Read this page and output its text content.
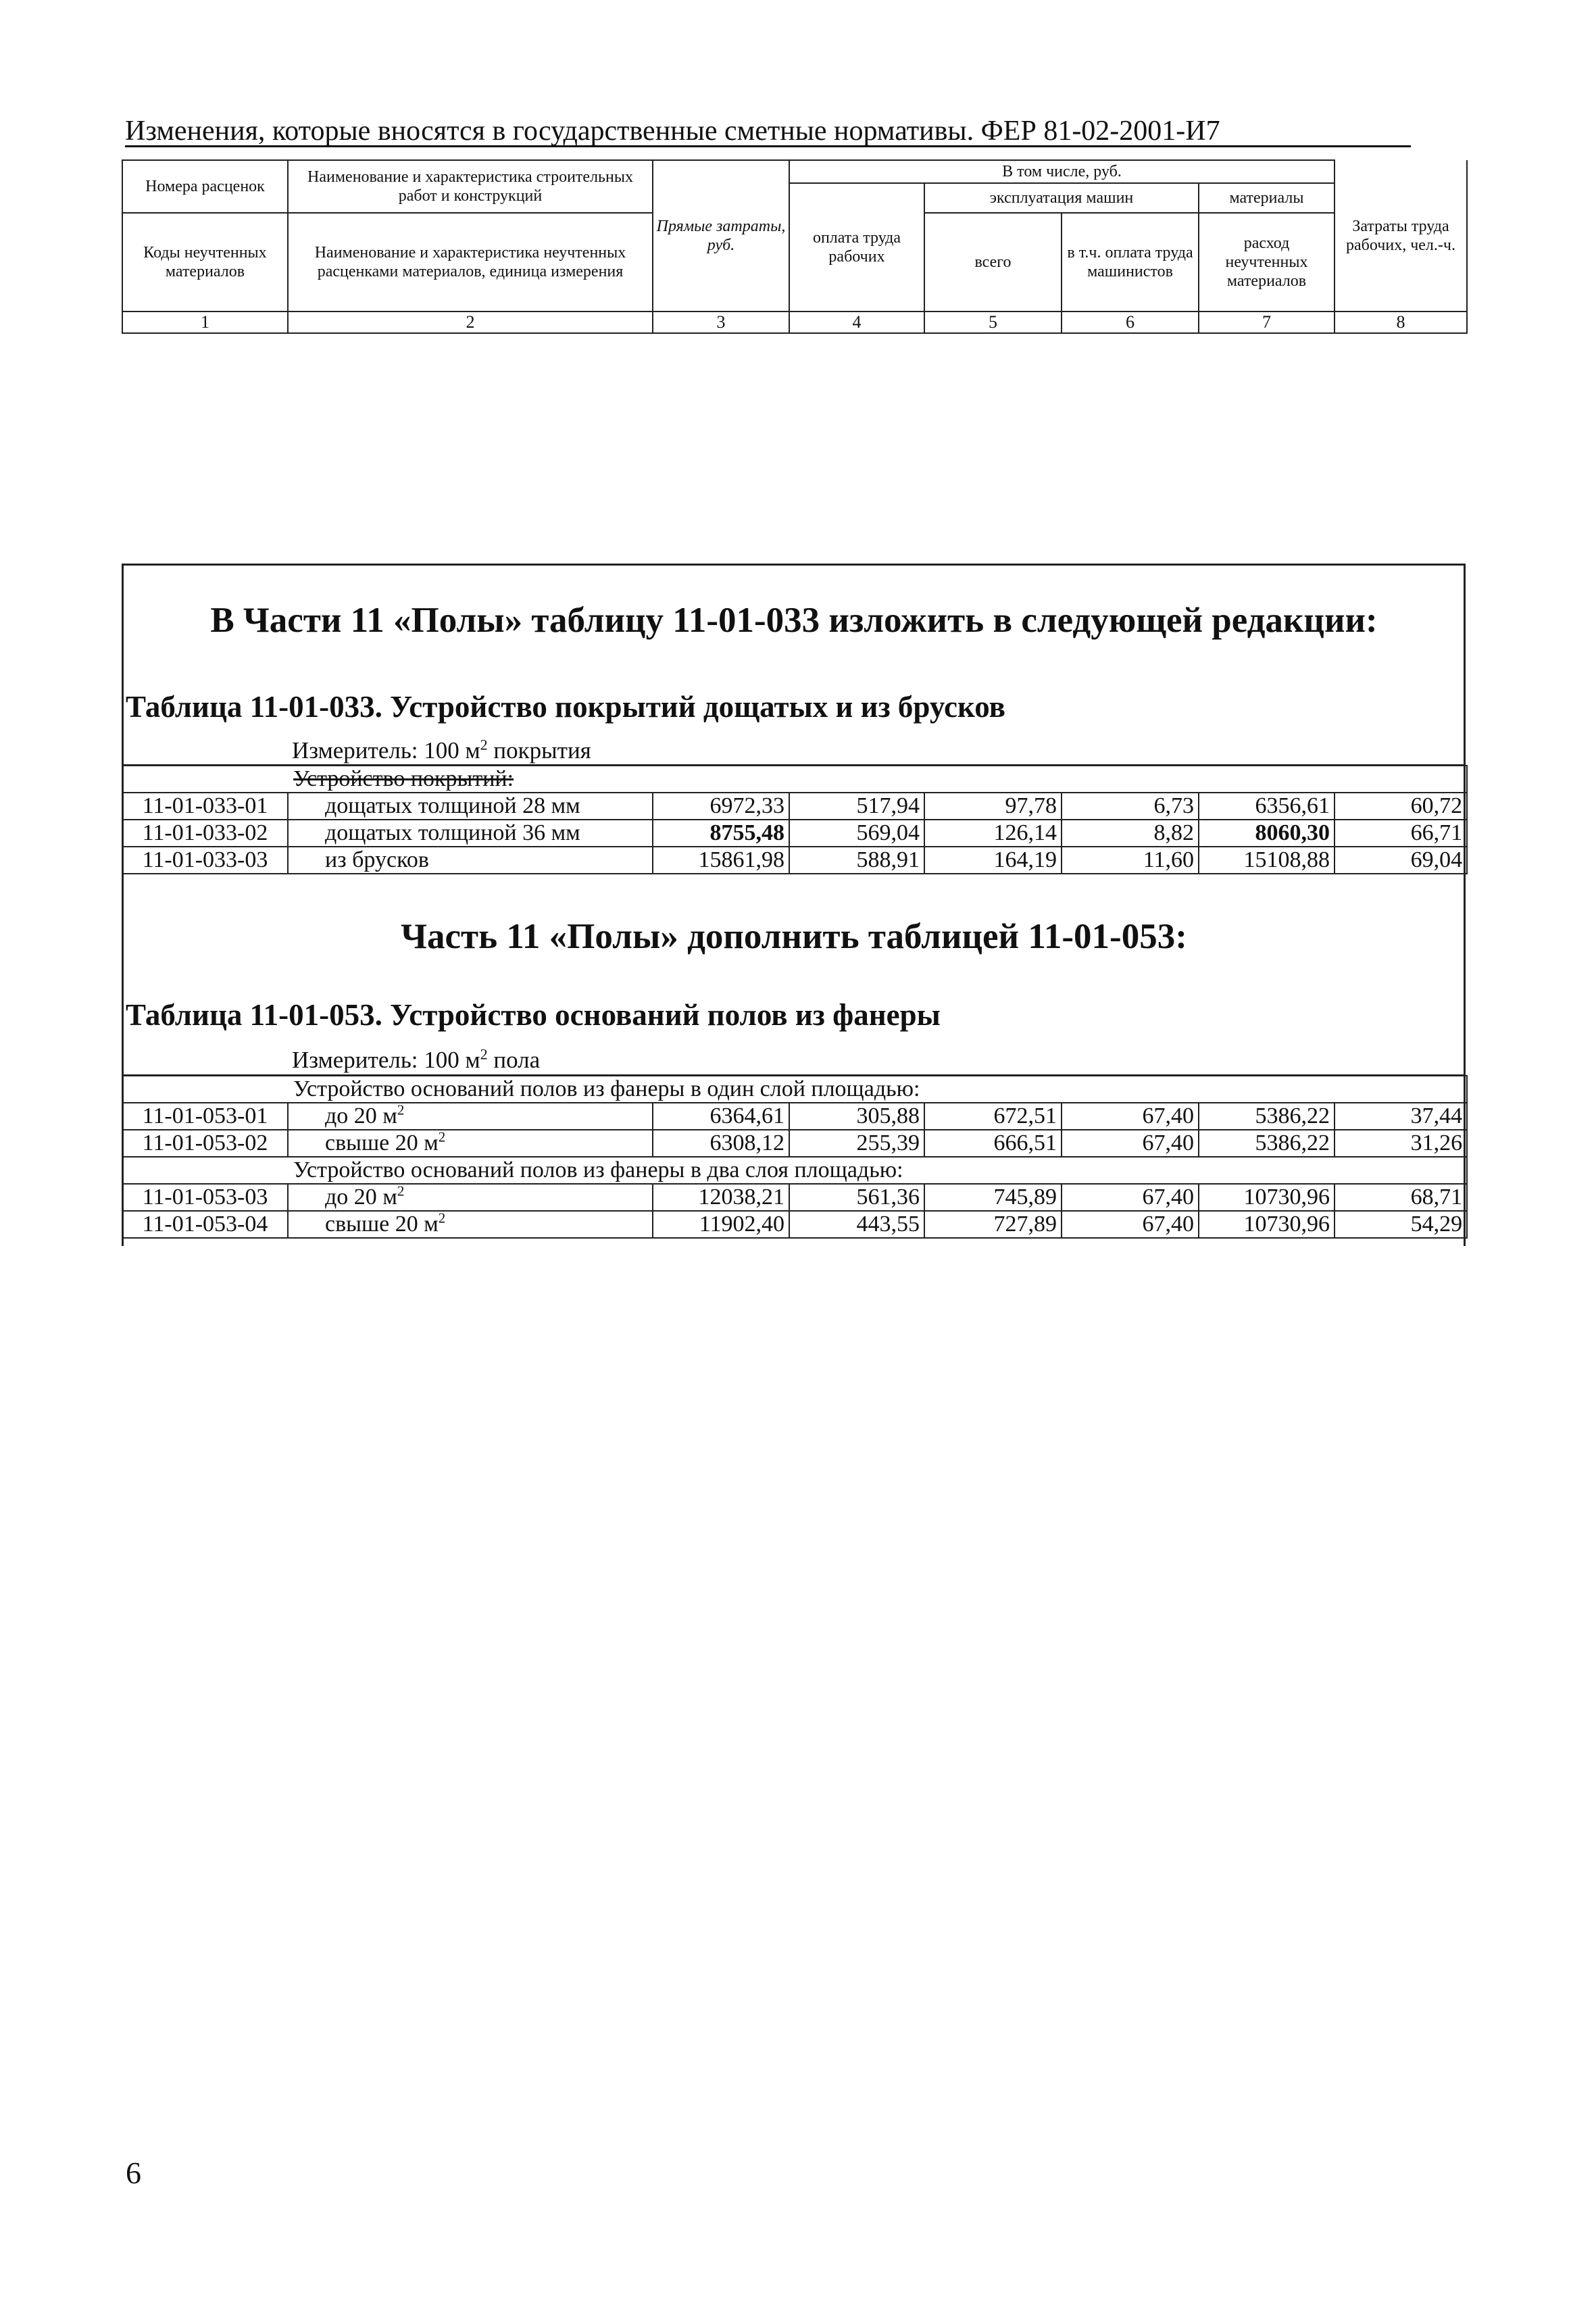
Изменения, которые вносятся в государственные сметные нормативы. ФЕР 81-02-2001-И7
Номера расценок	Наименование и характеристика строительных работ и конструкций	Прямые затраты, руб.	В том числе, руб.				Затраты труда рабочих, чел.-ч.
			оплата труда рабочих	эксплуатация машин		материалы	
Коды неучтенных материалов	Наименование и характеристика неучтенных расценками материалов, единица измерения			всего	в т.ч. оплата труда машинистов	расход неучтенных материалов	

1	2	3	4	5	6	7	8
В Части 11 «Полы» таблицу 11-01-033 изложить в следующей редакции:
Таблица 11-01-033. Устройство покрытий дощатых и из брусков
Измеритель: 100 $м^2$ покрытия
Устройство покрытий:							
11-01-033-01	дощатых толщиной 28 мм	6972,33	517,94	97,78	6,73	6356,61	60,72
11-01-033-02	дощатых толщиной 36 мм	8755,48	569,04	126,14	8,82	8060,30	66,71
11-01-033-03	из брусков	15861,98	588,91	164,19	11,60	15108,88	69,04
Часть 11 «Полы» дополнить таблицей 11-01-053:
Таблица 11-01-053. Устройство оснований полов из фанеры
Измеритель: 100 $м^2$ пола
Устройство оснований полов из фанеры в один слой площадью:							
11-01-053-01	до 20 $м^2$	6364,61	305,88	672,51	67,40	5386,22	37,44
11-01-053-02	свыше 20 $м^2$	6308,12	255,39	666,51	67,40	5386,22	31,26
Устройство оснований полов из фанеры в два слоя площадью:							
11-01-053-03	до 20 $м^2$	12038,21	561,36	745,89	67,40	10730,96	68,71
11-01-053-04	свыше 20 $м^2$	11902,40	443,55	727,89	67,40	10730,96	54,29
6
